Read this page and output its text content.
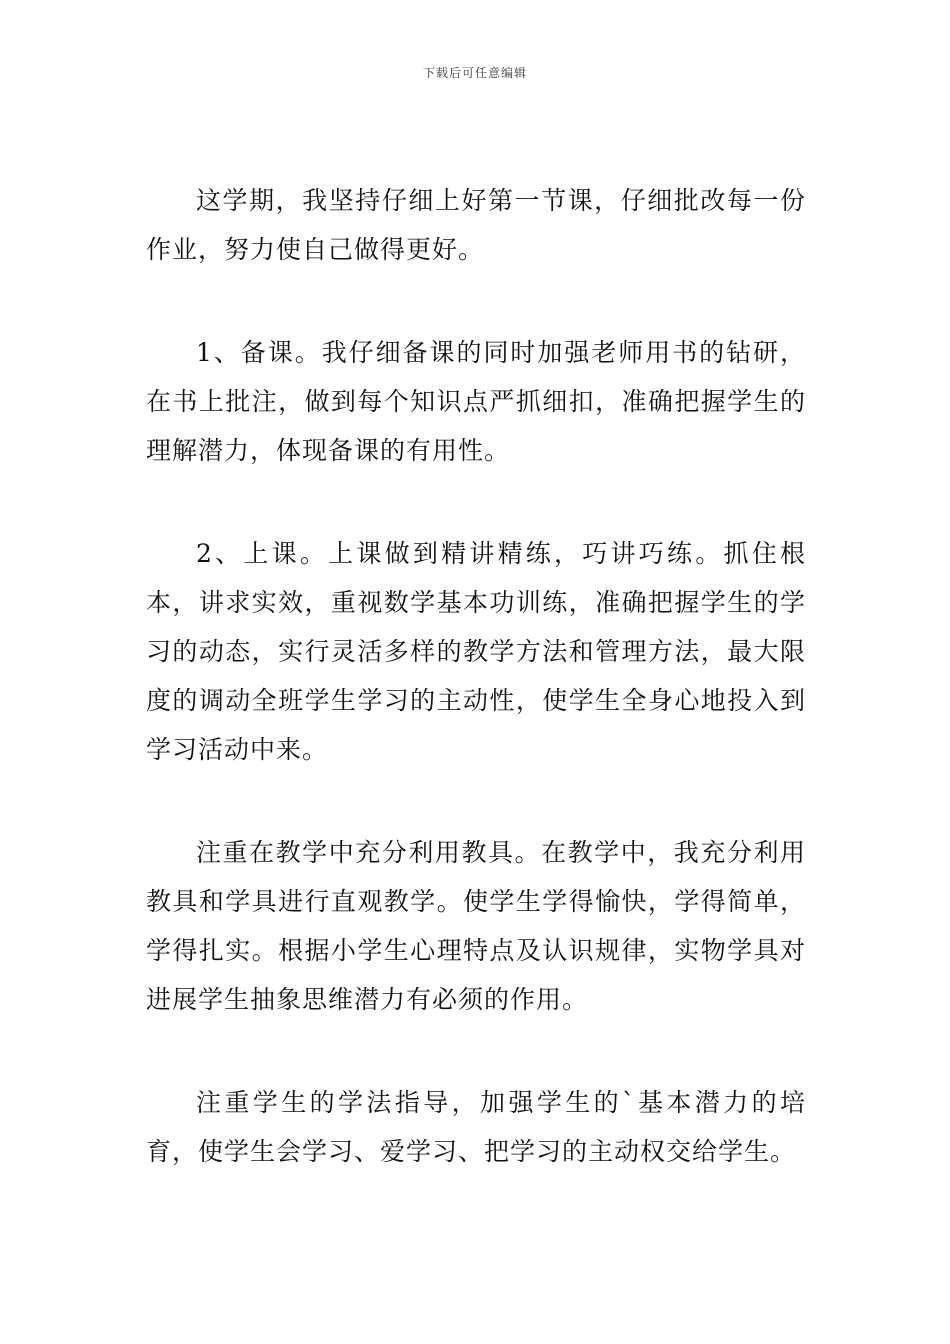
下载后可任意编辑

这学期，我坚持仔细上好第一节课，仔细批改每一份作业，努力使自己做得更好。

1、备课。我仔细备课的同时加强老师用书的钻研，在书上批注，做到每个知识点严抓细扣，准确把握学生的理解潜力，体现备课的有用性。

2、上课。上课做到精讲精练，巧讲巧练。抓住根本，讲求实效，重视数学基本功训练，准确把握学生的学习的动态，实行灵活多样的教学方法和管理方法，最大限度的调动全班学生学习的主动性，使学生全身心地投入到学习活动中来。

注重在教学中充分利用教具。在教学中，我充分利用教具和学具进行直观教学。使学生学得愉快，学得简单，学得扎实。根据小学生心理特点及认识规律，实物学具对进展学生抽象思维潜力有必须的作用。

注重学生的学法指导，加强学生的`基本潜力的培育，使学生会学习、爱学习、把学习的主动权交给学生。
